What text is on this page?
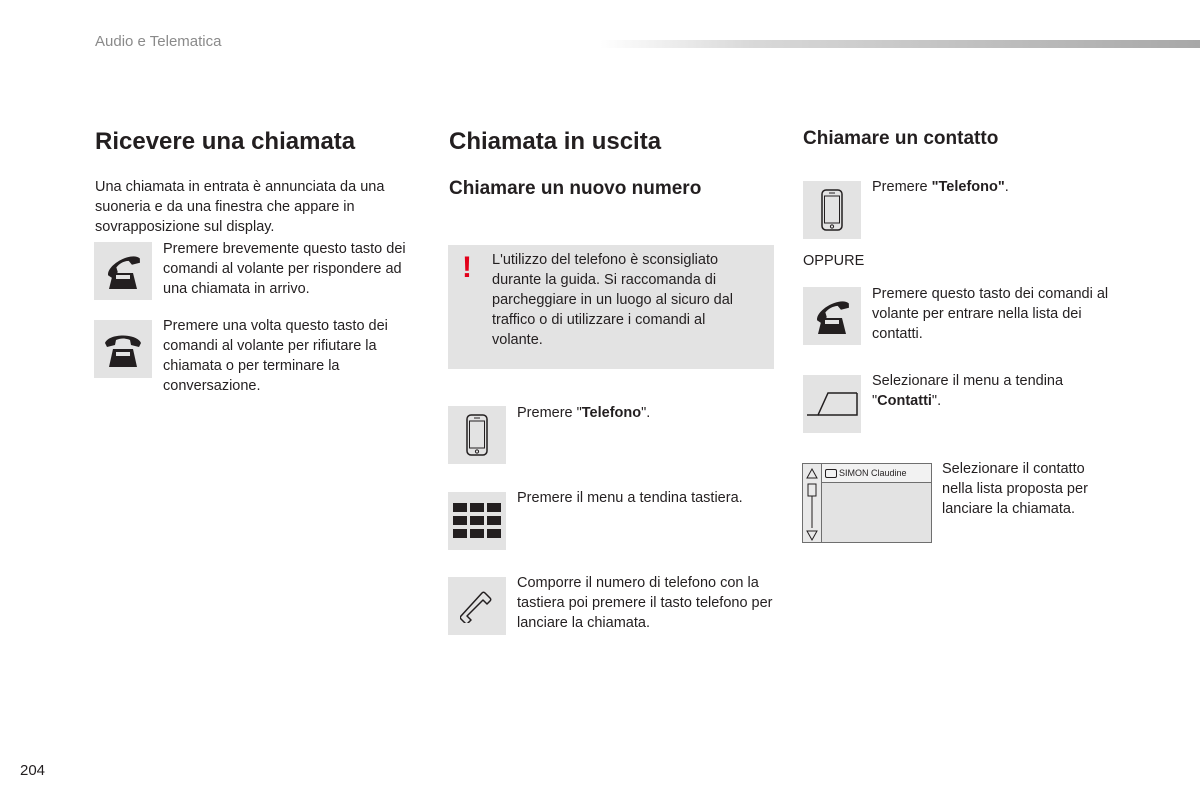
Audio e Telematica
Ricevere una chiamata
Una chiamata in entrata è annunciata da una suoneria e da una finestra che appare in sovrapposizione sul display.
Premere brevemente questo tasto dei comandi al volante per rispondere ad una chiamata in arrivo.
Premere una volta questo tasto dei comandi al volante per rifiutare la chiamata o per terminare la conversazione.
Chiamata in uscita
Chiamare un nuovo numero
! L'utilizzo del telefono è sconsigliato durante la guida. Si raccomanda di parcheggiare in un luogo al sicuro dal traffico o di utilizzare i comandi al volante.
Premere "Telefono".
Premere il menu a tendina tastiera.
Comporre il numero di telefono con la tastiera poi premere il tasto telefono per lanciare la chiamata.
Chiamare un contatto
Premere "Telefono".
OPPURE
Premere questo tasto dei comandi al volante per entrare nella lista dei contatti.
Selezionare il menu a tendina "Contatti".
SIMON Claudine	Selezionare il contatto nella lista proposta per lanciare la chiamata.
204
